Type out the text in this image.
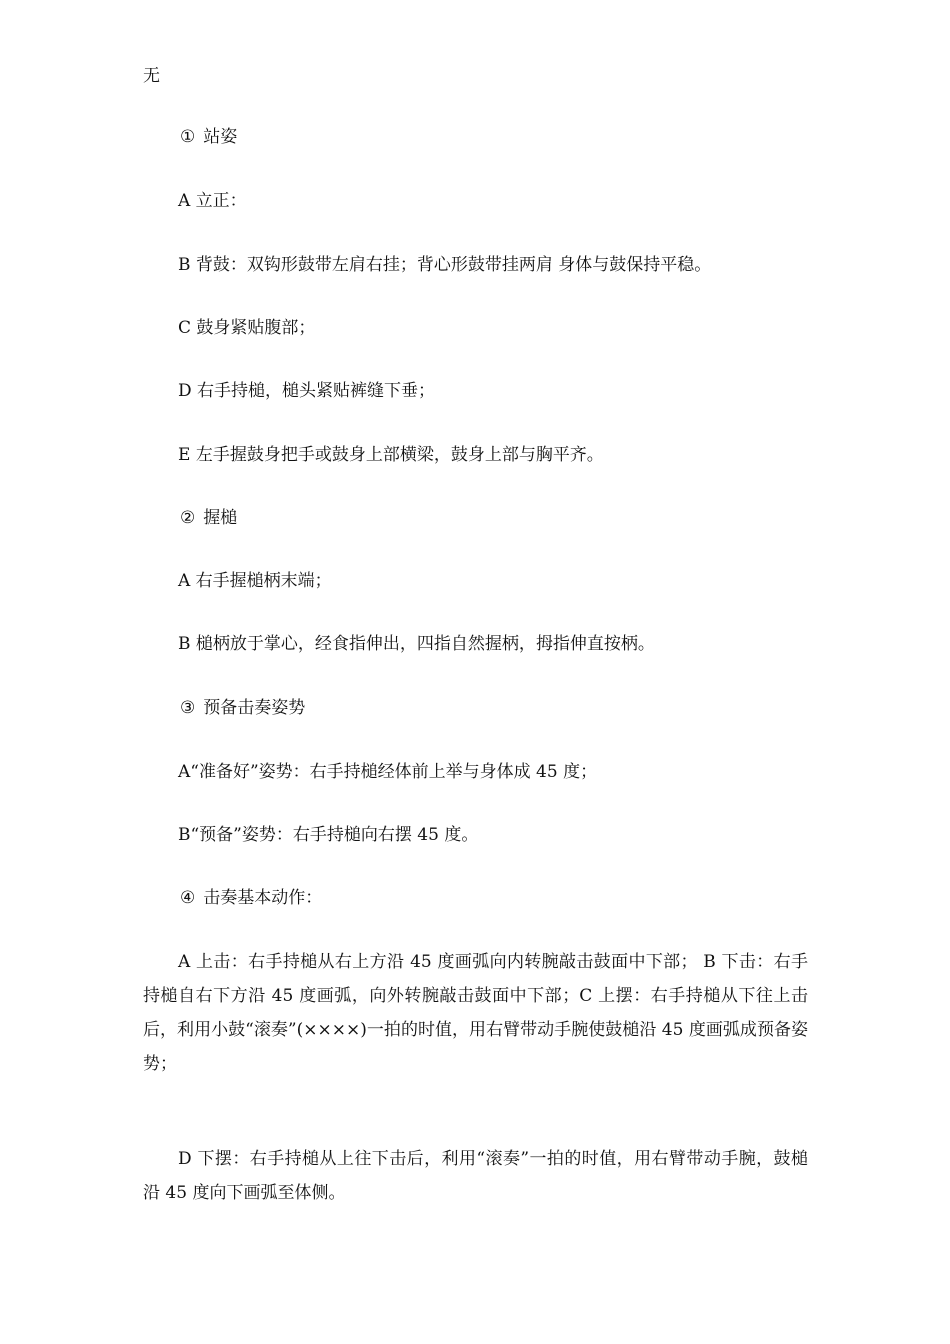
无
① 站姿
A 立正：
B 背鼓：双钩形鼓带左肩右挂；背心形鼓带挂两肩 身体与鼓保持平稳。
C 鼓身紧贴腹部；
D 右手持槌，槌头紧贴裤缝下垂；
E 左手握鼓身把手或鼓身上部横梁，鼓身上部与胸平齐。
② 握槌
A 右手握槌柄末端；
B 槌柄放于掌心，经食指伸出，四指自然握柄，拇指伸直按柄。
③ 预备击奏姿势
A“准备好”姿势：右手持槌经体前上举与身体成 45 度；
B“预备”姿势：右手持槌向右摆 45 度。
④ 击奏基本动作：
A 上击：右手持槌从右上方沿 45 度画弧向内转腕敲击鼓面中下部； B 下击：右手持槌自右下方沿 45 度画弧，向外转腕敲击鼓面中下部；C 上摆：右手持槌从下往上击后，利用小鼓“滚奏”(××××)一拍的时值，用右臂带动手腕使鼓槌沿 45 度画弧成预备姿势；
D 下摆：右手持槌从上往下击后，利用“滚奏”一拍的时值，用右臂带动手腕，鼓槌沿 45 度向下画弧至体侧。
